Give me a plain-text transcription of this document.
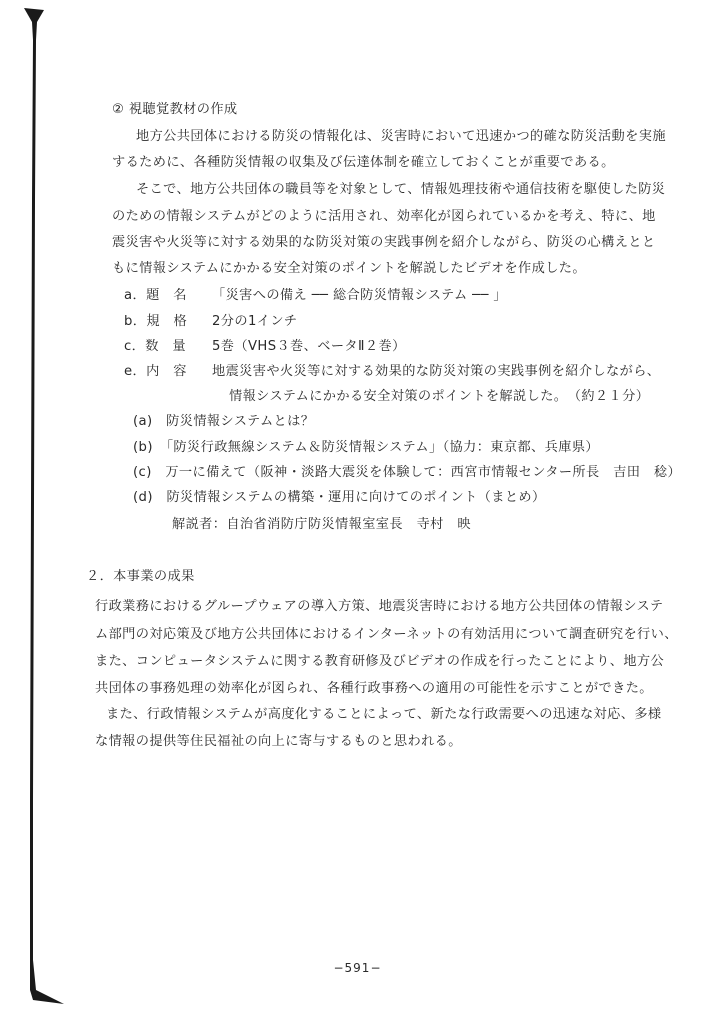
② 視聴覚教材の作成
地方公共団体における防災の情報化は、災害時において迅速かつ的確な防災活動を実施
するために、各種防災情報の収集及び伝達体制を確立しておくことが重要である。
そこで、地方公共団体の職員等を対象として、情報処理技術や通信技術を駆使した防災
のための情報システムがどのように活用され、効率化が図られているかを考え、特に、地
震災害や火災等に対する効果的な防災対策の実践事例を紹介しながら、防災の心構えとと
もに情報システムにかかる安全対策のポイントを解説したビデオを作成した。
a．題　名 「災害への備え ── 総合防災情報システム ── 」
b．規　格 2分の1インチ
c．数　量 5巻（VHS３巻、ベータⅡ２巻）
e．内　容 地震災害や火災等に対する効果的な防災対策の実践事例を紹介しながら、
情報システムにかかる安全対策のポイントを解説した。　（約２１分）
(a)　防災情報システムとは？
(b)　「防災行政無線システム＆防災情報システム」（協力：東京都、兵庫県）
(c)　万一に備えて（阪神・淡路大震災を体験して：西宮市情報センター所長　吉田　稔）
(d)　防災情報システムの構築・運用に向けてのポイント（まとめ）
解説者：自治省消防庁防災情報室室長　寺村　映
２．本事業の成果
行政業務におけるグループウェアの導入方策、地震災害時における地方公共団体の情報システ
ム部門の対応策及び地方公共団体におけるインターネットの有効活用について調査研究を行い、
また、コンピュータシステムに関する教育研修及びビデオの作成を行ったことにより、地方公
共団体の事務処理の効率化が図られ、各種行政事務への適用の可能性を示すことができた。
また、行政情報システムが高度化することによって、新たな行政需要への迅速な対応、多様
な情報の提供等住民福祉の向上に寄与するものと思われる。
−591−
